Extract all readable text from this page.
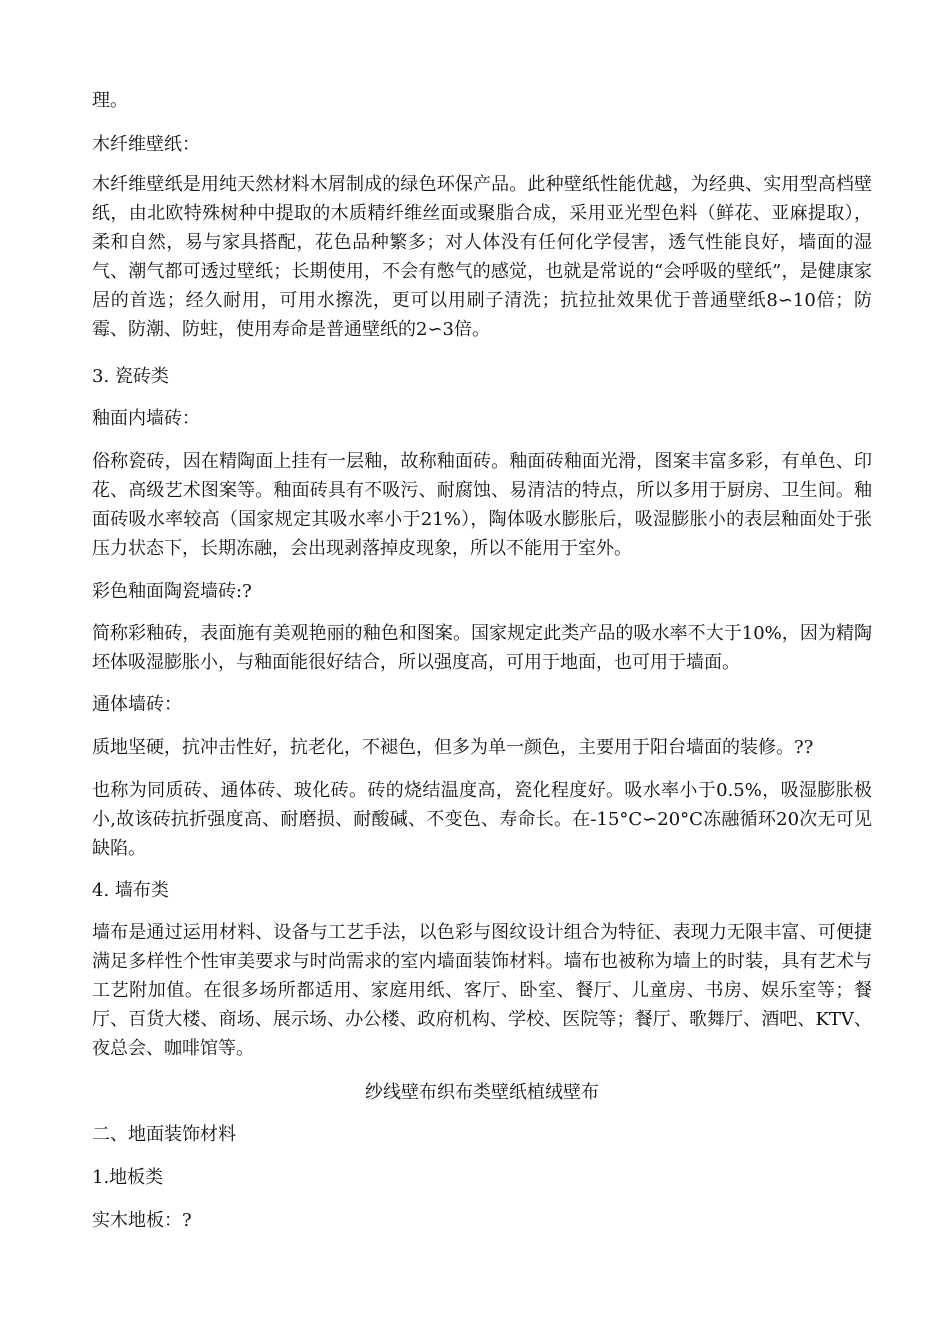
理。

木纤维壁纸：

木纤维壁纸是用纯天然材料木屑制成的绿色环保产品。此种壁纸性能优越，为经典、实用型高档壁纸，由北欧特殊树种中提取的木质精纤维丝面或聚脂合成，采用亚光型色料（鲜花、亚麻提取），柔和自然，易与家具搭配，花色品种繁多；对人体没有任何化学侵害，透气性能良好，墙面的湿气、潮气都可透过壁纸；长期使用，不会有憋气的感觉，也就是常说的“会呼吸的壁纸”，是健康家居的首选；经久耐用，可用水擦洗，更可以用刷子清洗；抗拉扯效果优于普通壁纸8∽10倍；防霉、防潮、防蛀，使用寿命是普通壁纸的2∽3倍。

3. 瓷砖类

釉面内墙砖：

俗称瓷砖，因在精陶面上挂有一层釉，故称釉面砖。釉面砖釉面光滑，图案丰富多彩，有单色、印花、高级艺术图案等。釉面砖具有不吸污、耐腐蚀、易清洁的特点，所以多用于厨房、卫生间。釉面砖吸水率较高（国家规定其吸水率小于21%），陶体吸水膨胀后，吸湿膨胀小的表层釉面处于张压力状态下，长期冻融，会出现剥落掉皮现象，所以不能用于室外。

彩色釉面陶瓷墙砖:?

简称彩釉砖，表面施有美观艳丽的釉色和图案。国家规定此类产品的吸水率不大于10%，因为精陶坯体吸湿膨胀小，与釉面能很好结合，所以强度高，可用于地面，也可用于墙面。

通体墙砖：

质地坚硬，抗冲击性好，抗老化，不褪色，但多为单一颜色，主要用于阳台墙面的装修。??

也称为同质砖、通体砖、玻化砖。砖的烧结温度高，瓷化程度好。吸水率小于0.5%，吸湿膨胀极小,故该砖抗折强度高、耐磨损、耐酸碱、不变色、寿命长。在-15°C∽20°C冻融循环20次无可见缺陷。

4. 墙布类

墙布是通过运用材料、设备与工艺手法，以色彩与图纹设计组合为特征、表现力无限丰富、可便捷满足多样性个性审美要求与时尚需求的室内墙面装饰材料。墙布也被称为墙上的时装，具有艺术与工艺附加值。在很多场所都适用、家庭用纸、客厅、卧室、餐厅、儿童房、书房、娱乐室等；餐厅、百货大楼、商场、展示场、办公楼、政府机构、学校、医院等；餐厅、歌舞厅、酒吧、KTV、夜总会、咖啡馆等。

纱线壁布织布类壁纸植绒壁布

二、地面装饰材料

1.地板类

实木地板：?
